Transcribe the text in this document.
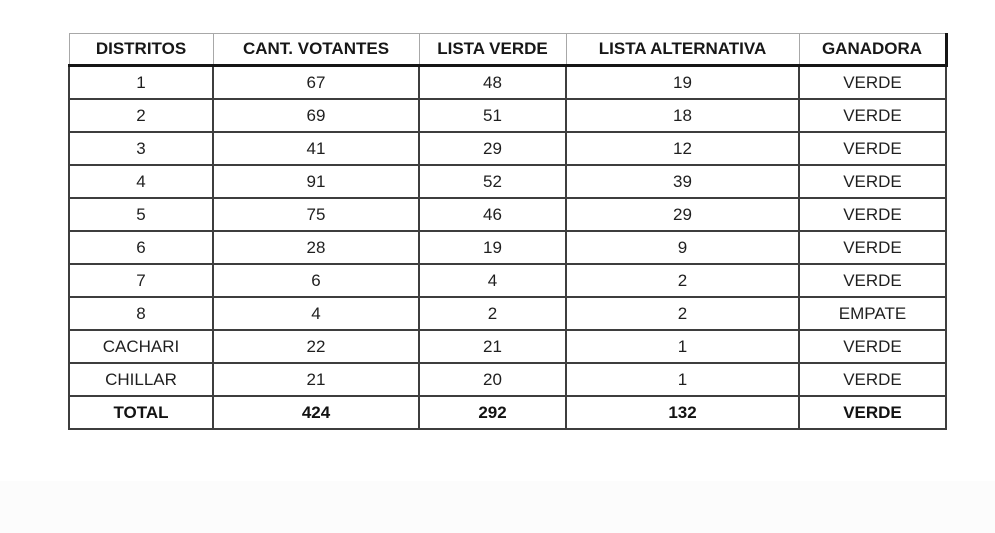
DISTRITOS	CANT. VOTANTES	LISTA VERDE	LISTA ALTERNATIVA	GANADORA
1	67	48	19	VERDE
2	69	51	18	VERDE
3	41	29	12	VERDE
4	91	52	39	VERDE
5	75	46	29	VERDE
6	28	19	9	VERDE
7	6	4	2	VERDE
8	4	2	2	EMPATE
CACHARI	22	21	1	VERDE
CHILLAR	21	20	1	VERDE
TOTAL	424	292	132	VERDE
